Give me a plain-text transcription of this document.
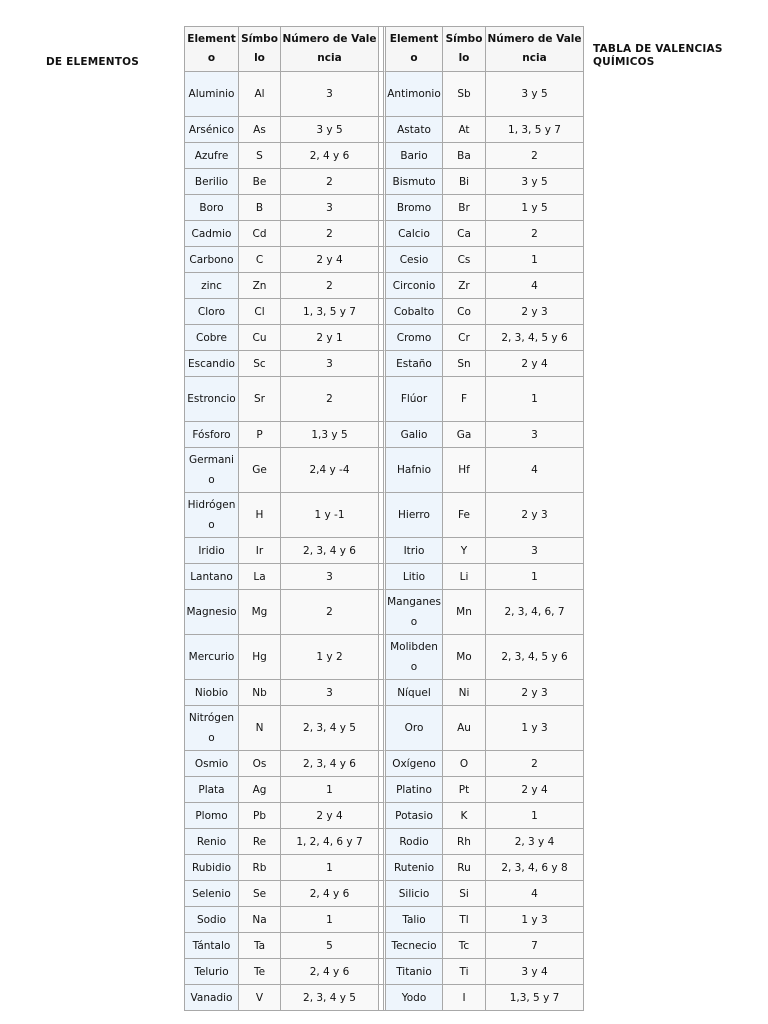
DE ELEMENTOS
TABLA DE VALENCIAS QUÍMICOS
Elemento	Símbolo	Número de Valencia		Elemento	Símbolo	Número de Valencia
Aluminio	Al	3		Antimonio	Sb	3 y 5
Arsénico	As	3 y 5		Astato	At	1, 3, 5 y 7
Azufre	S	2, 4 y 6		Bario	Ba	2
Berilio	Be	2		Bismuto	Bi	3 y 5
Boro	B	3		Bromo	Br	1 y 5
Cadmio	Cd	2		Calcio	Ca	2
Carbono	C	2 y 4		Cesio	Cs	1
zinc	Zn	2		Circonio	Zr	4
Cloro	Cl	1, 3, 5 y 7		Cobalto	Co	2 y 3
Cobre	Cu	2 y 1		Cromo	Cr	2, 3, 4, 5 y 6
Escandio	Sc	3		Estaño	Sn	2 y 4
Estroncio	Sr	2		Flúor	F	1
Fósforo	P	1,3 y 5		Galio	Ga	3
Germanio	Ge	2,4 y -4		Hafnio	Hf	4
Hidrógeno	H	1 y -1		Hierro	Fe	2 y 3
Iridio	Ir	2, 3, 4 y 6		Itrio	Y	3
Lantano	La	3		Litio	Li	1
Magnesio	Mg	2		Manganeso	Mn	2, 3, 4, 6, 7
Mercurio	Hg	1 y 2		Molibdeno	Mo	2, 3, 4, 5 y 6
Niobio	Nb	3		Níquel	Ni	2 y 3
Nitrógeno	N	2, 3, 4 y 5		Oro	Au	1 y 3
Osmio	Os	2, 3, 4 y 6		Oxígeno	O	2
Plata	Ag	1		Platino	Pt	2 y 4
Plomo	Pb	2 y 4		Potasio	K	1
Renio	Re	1, 2, 4, 6 y 7		Rodio	Rh	2, 3 y 4
Rubidio	Rb	1		Rutenio	Ru	2, 3, 4, 6 y 8
Selenio	Se	2, 4 y 6		Silicio	Si	4
Sodio	Na	1		Talio	Tl	1 y 3
Tántalo	Ta	5		Tecnecio	Tc	7
Telurio	Te	2, 4 y 6		Titanio	Ti	3 y 4
Vanadio	V	2, 3, 4 y 5		Yodo	I	1,3, 5 y 7
